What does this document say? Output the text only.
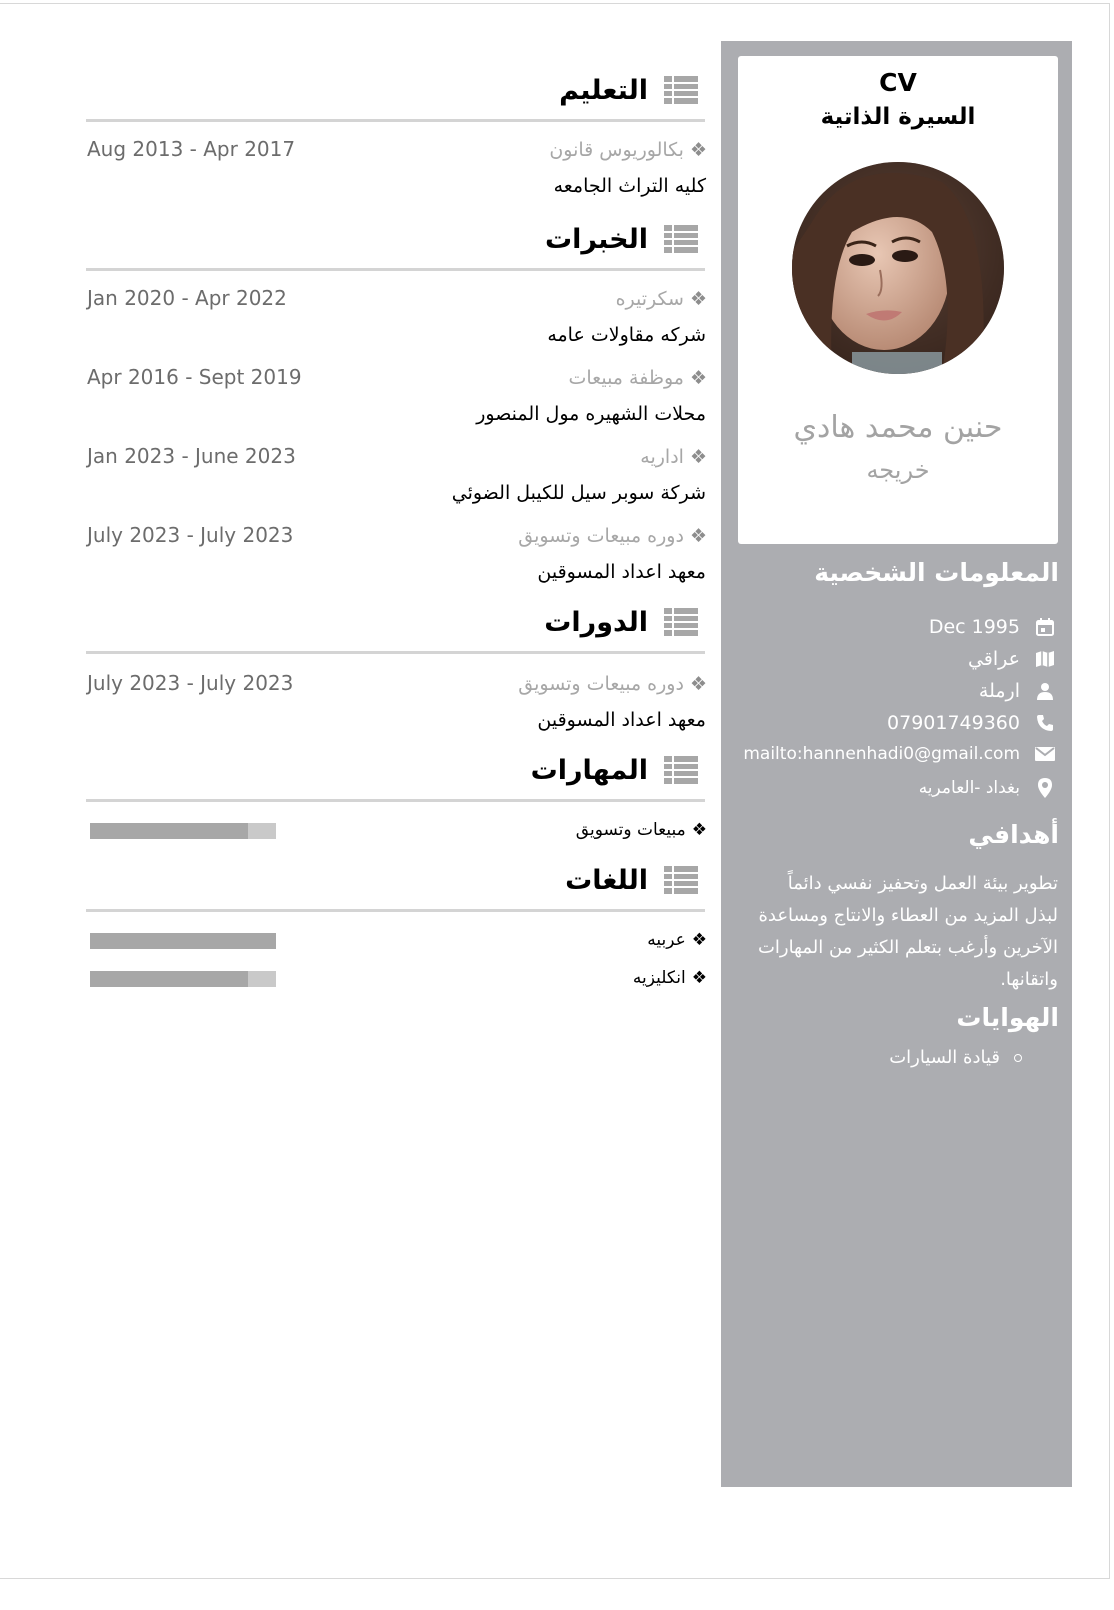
CV
السيرة الذاتية
حنين محمد هادي
خريجه
المعلومات الشخصية
Dec 1995
عراقي
ارملة
07901749360
mailto:hannenhadi0@gmail.com
بغداد -العامريه
أهدافي
تطوير بيئة العمل وتحفيز نفسي دائماً لبذل المزيد من العطاء والانتاج ومساعدة الآخرين وأرغب بتعلم الكثير من المهارات واتقانها.
الهوايات
قيادة السيارات
التعليم
❖بكالوريوس قانون
Aug 2013 - Apr 2017
كليه التراث الجامعه
الخبرات
❖سكرتيره
Jan 2020 - Apr 2022
شركه مقاولات عامه
❖موظفة مبيعات
Apr 2016 - Sept 2019
محلات الشهيره مول المنصور
❖اداريه
Jan 2023 - June 2023
شركة سوبر سيل للكيبل الضوئي
❖دوره مبيعات وتسويق
July 2023 - July 2023
معهد اعداد المسوقين
الدورات
❖دوره مبيعات وتسويق
July 2023 - July 2023
معهد اعداد المسوقين
المهارات
❖مبيعات وتسويق
اللغات
❖عربيه
❖انكليزيه
